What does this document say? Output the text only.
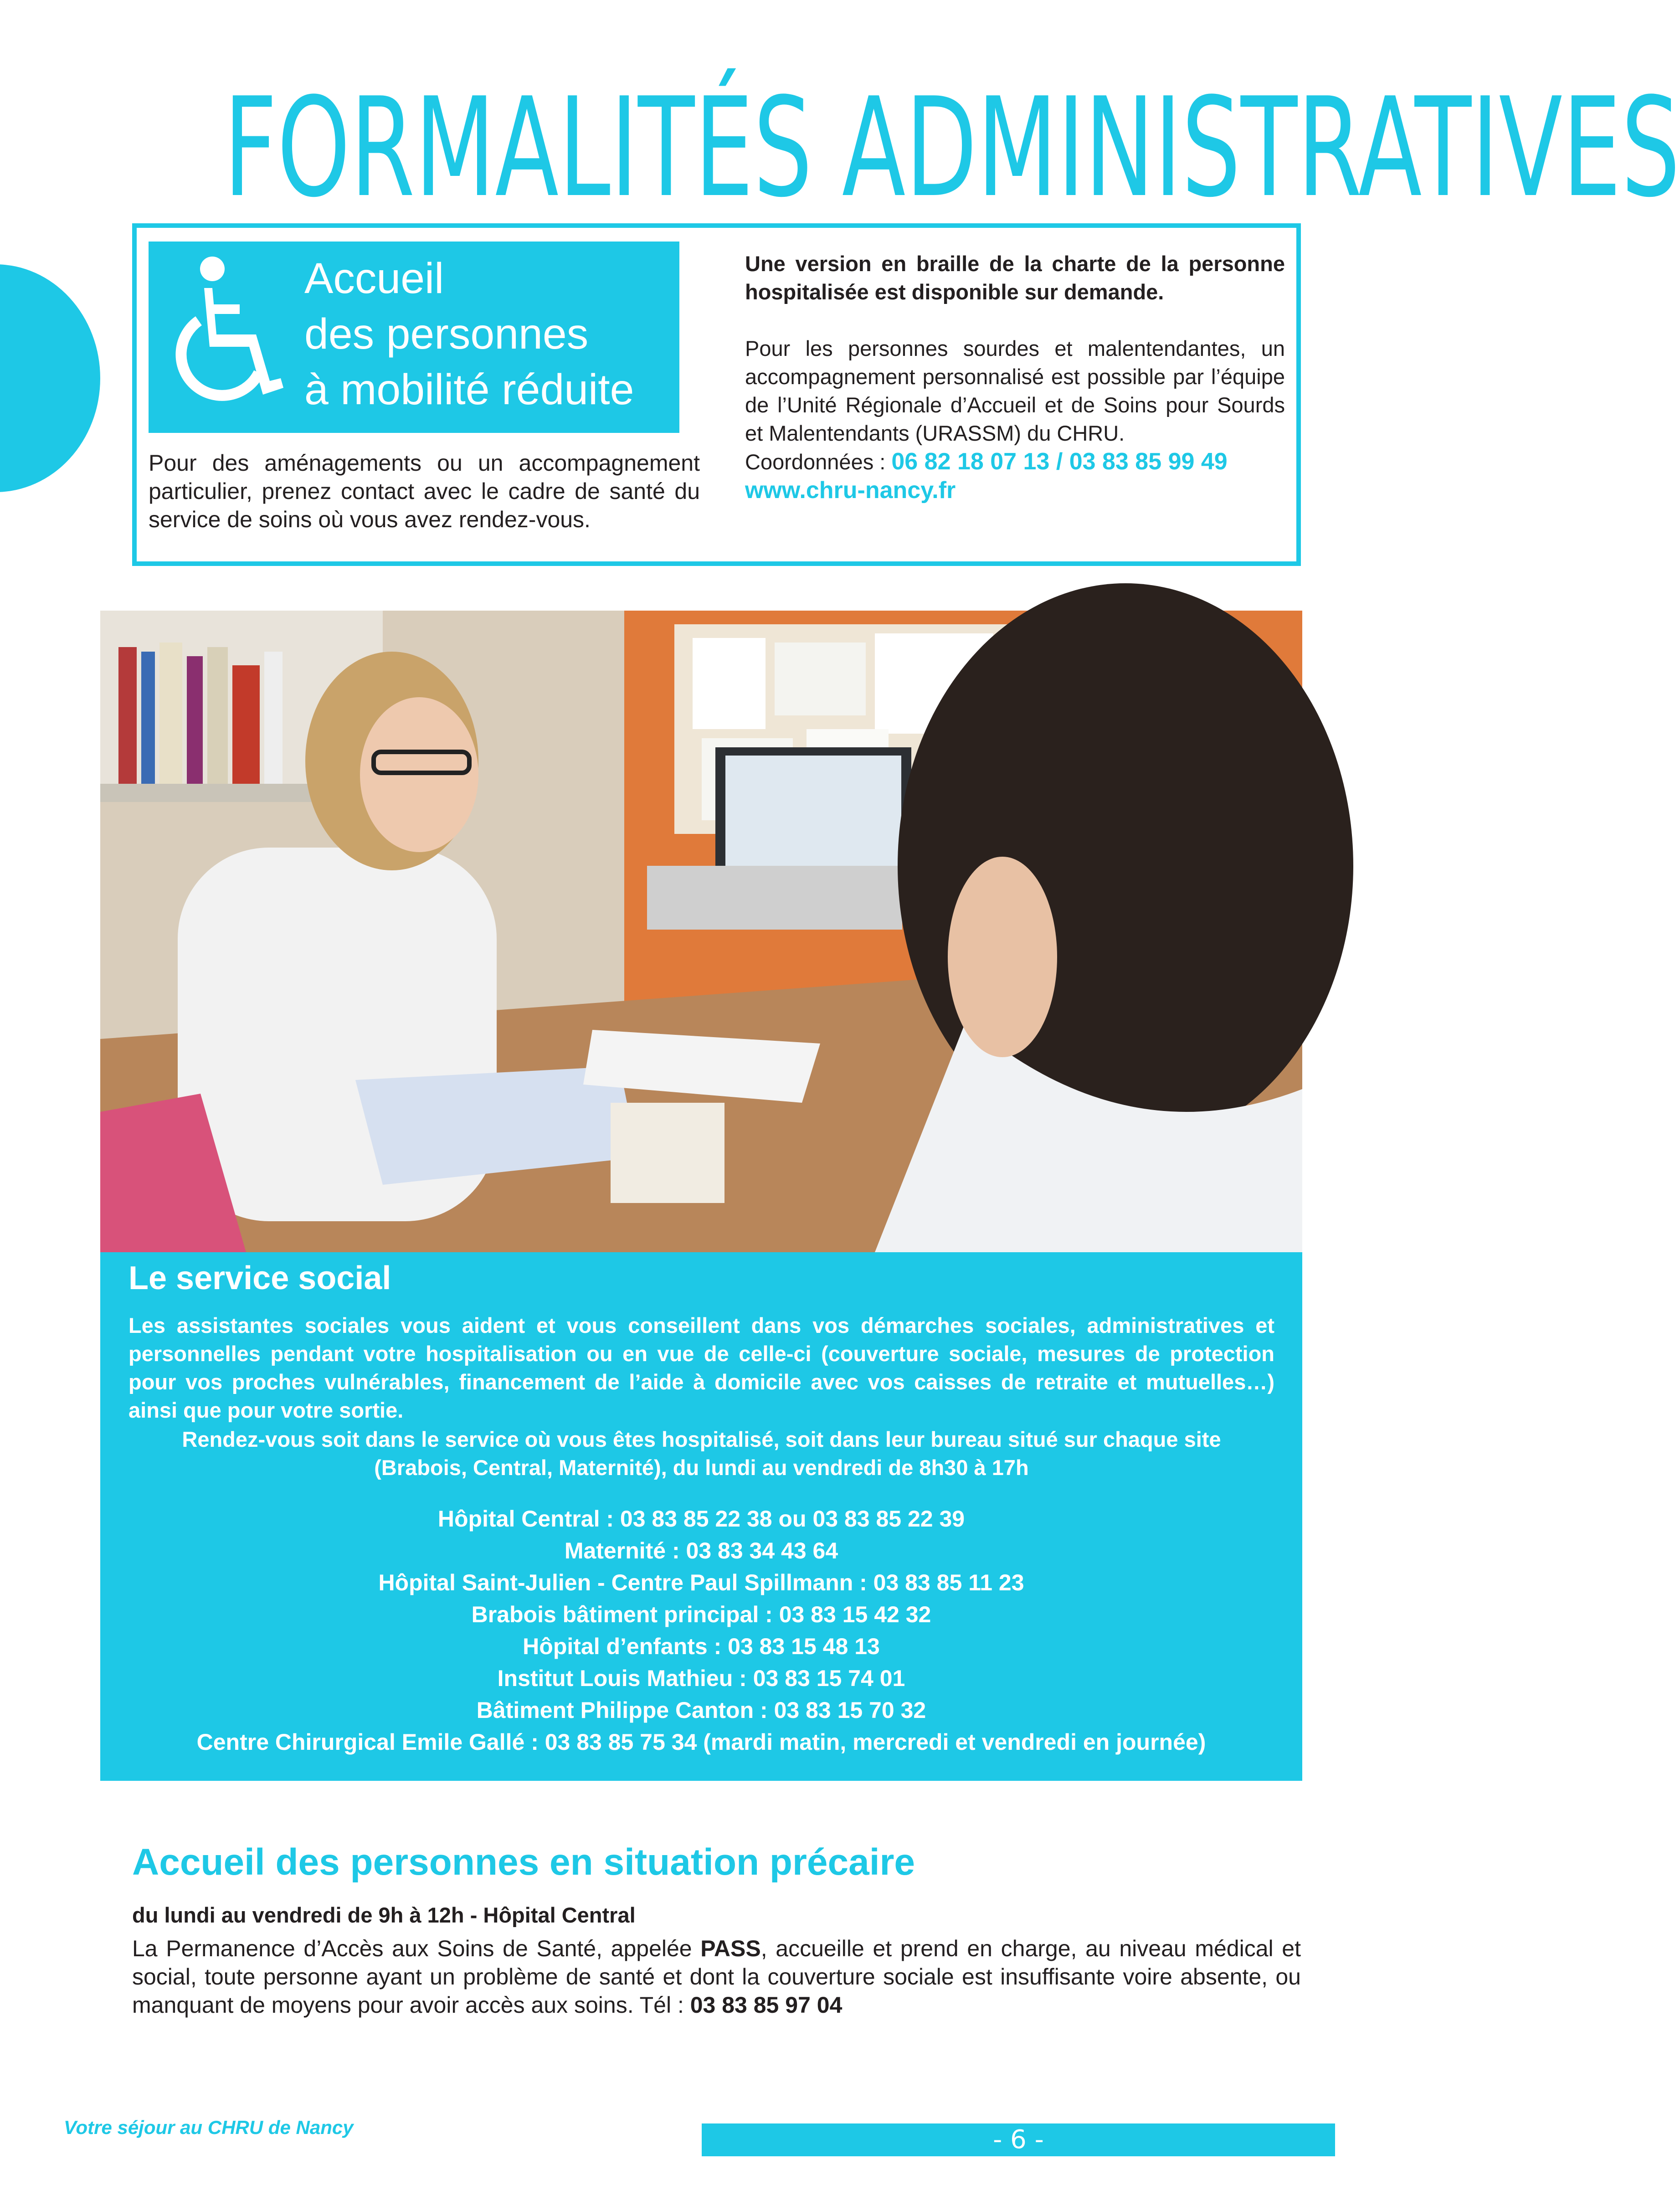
FORMALITÉS ADMINISTRATIVES
Accueil
des personnes
à mobilité réduite

Pour des aménagements ou un accompagnement particulier, prenez contact avec le cadre de santé du service de soins où vous avez rendez-vous.

Une version en braille de la charte de la personne hospitalisée est disponible sur demande.

Pour les personnes sourdes et malentendantes, un accompagnement personnalisé est possible par l’équipe de l’Unité Régionale d’Accueil et de Soins pour Sourds et Malentendants (URASSM) du CHRU.

Coordonnées : 06 82 18 07 13 / 03 83 85 99 49

www.chru-nancy.fr

Le service social

Les assistantes sociales vous aident et vous conseillent dans vos démarches sociales, administratives et personnelles pendant votre hospitalisation ou en vue de celle-ci (couverture sociale, mesures de protection pour vos proches vulnérables, financement de l’aide à domicile avec vos caisses de retraite et mutuelles…) ainsi que pour votre sortie.

Rendez-vous soit dans le service où vous êtes hospitalisé, soit dans leur bureau situé sur chaque site
(Brabois, Central, Maternité), du lundi au vendredi de 8h30 à 17h

Hôpital Central : 03 83 85 22 38 ou 03 83 85 22 39
Maternité : 03 83 34 43 64
Hôpital Saint-Julien - Centre Paul Spillmann : 03 83 85 11 23
Brabois bâtiment principal : 03 83 15 42 32
Hôpital d’enfants : 03 83 15 48 13
Institut Louis Mathieu : 03 83 15 74 01
Bâtiment Philippe Canton : 03 83 15 70 32
Centre Chirurgical Emile Gallé : 03 83 85 75 34 (mardi matin, mercredi et vendredi en journée)
Accueil des personnes en situation précaire

du lundi au vendredi de 9h à 12h - Hôpital Central

La Permanence d’Accès aux Soins de Santé, appelée PASS, accueille et prend en charge, au niveau médical et social, toute personne ayant un problème de santé et dont la couverture sociale est insuffisante voire absente, ou manquant de moyens pour avoir accès aux soins. Tél : 03 83 85 97 04

Votre séjour au CHRU de Nancy	- 6 -
